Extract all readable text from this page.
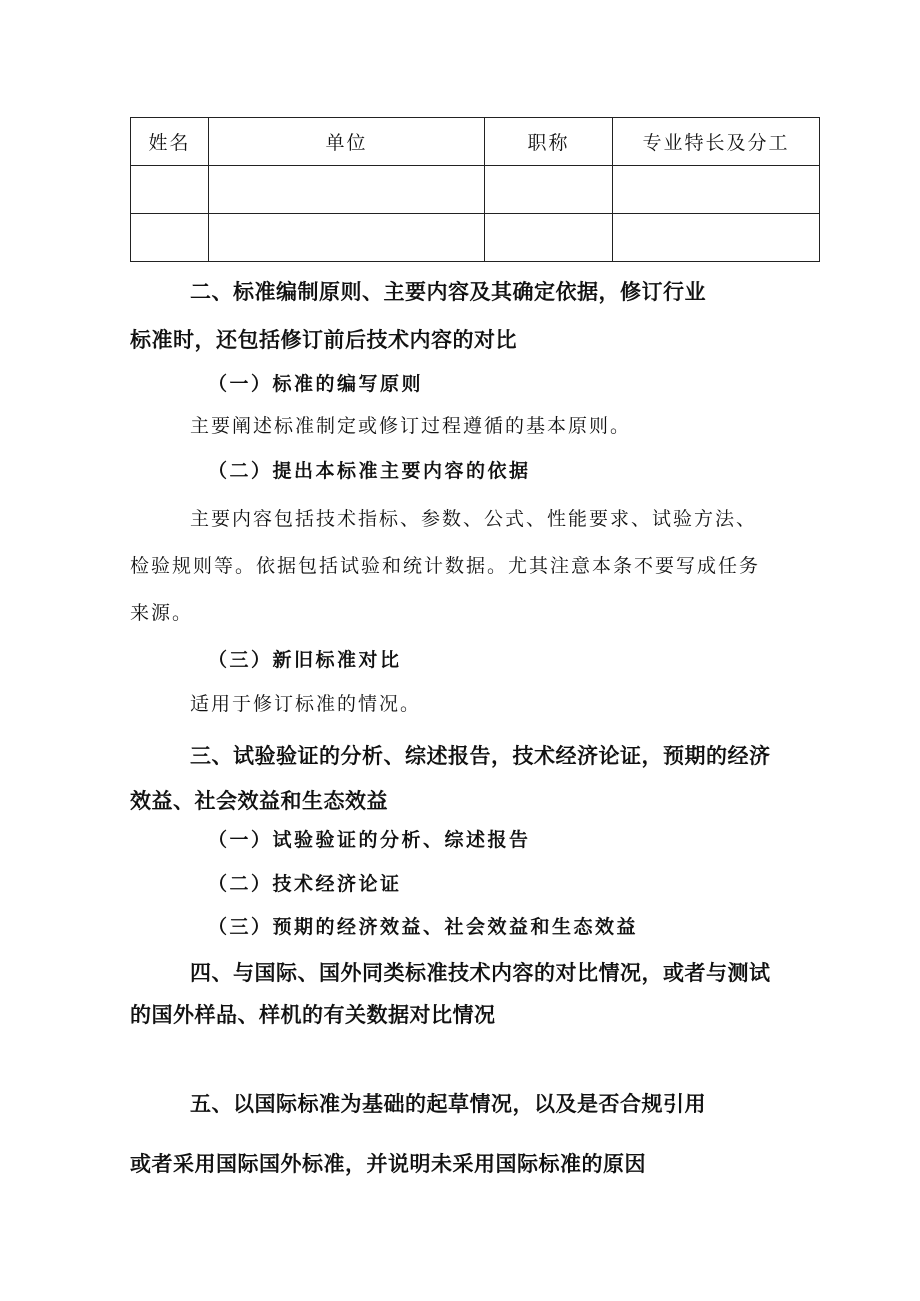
姓名	单位	职称	专业特长及分工

二、标准编制原则、主要内容及其确定依据，修订行业
标准时，还包括修订前后技术内容的对比
（一）标准的编写原则
主要阐述标准制定或修订过程遵循的基本原则。
（二）提出本标准主要内容的依据
主要内容包括技术指标、参数、公式、性能要求、试验方法、
检验规则等。依据包括试验和统计数据。尤其注意本条不要写成任务
来源。
（三）新旧标准对比
适用于修订标准的情况。
三、试验验证的分析、综述报告，技术经济论证，预期的经济
效益、社会效益和生态效益
（一）试验验证的分析、综述报告
（二）技术经济论证
（三）预期的经济效益、社会效益和生态效益
四、与国际、国外同类标准技术内容的对比情况，或者与测试
的国外样品、样机的有关数据对比情况
五、以国际标准为基础的起草情况，以及是否合规引用
或者采用国际国外标准，并说明未采用国际标准的原因
